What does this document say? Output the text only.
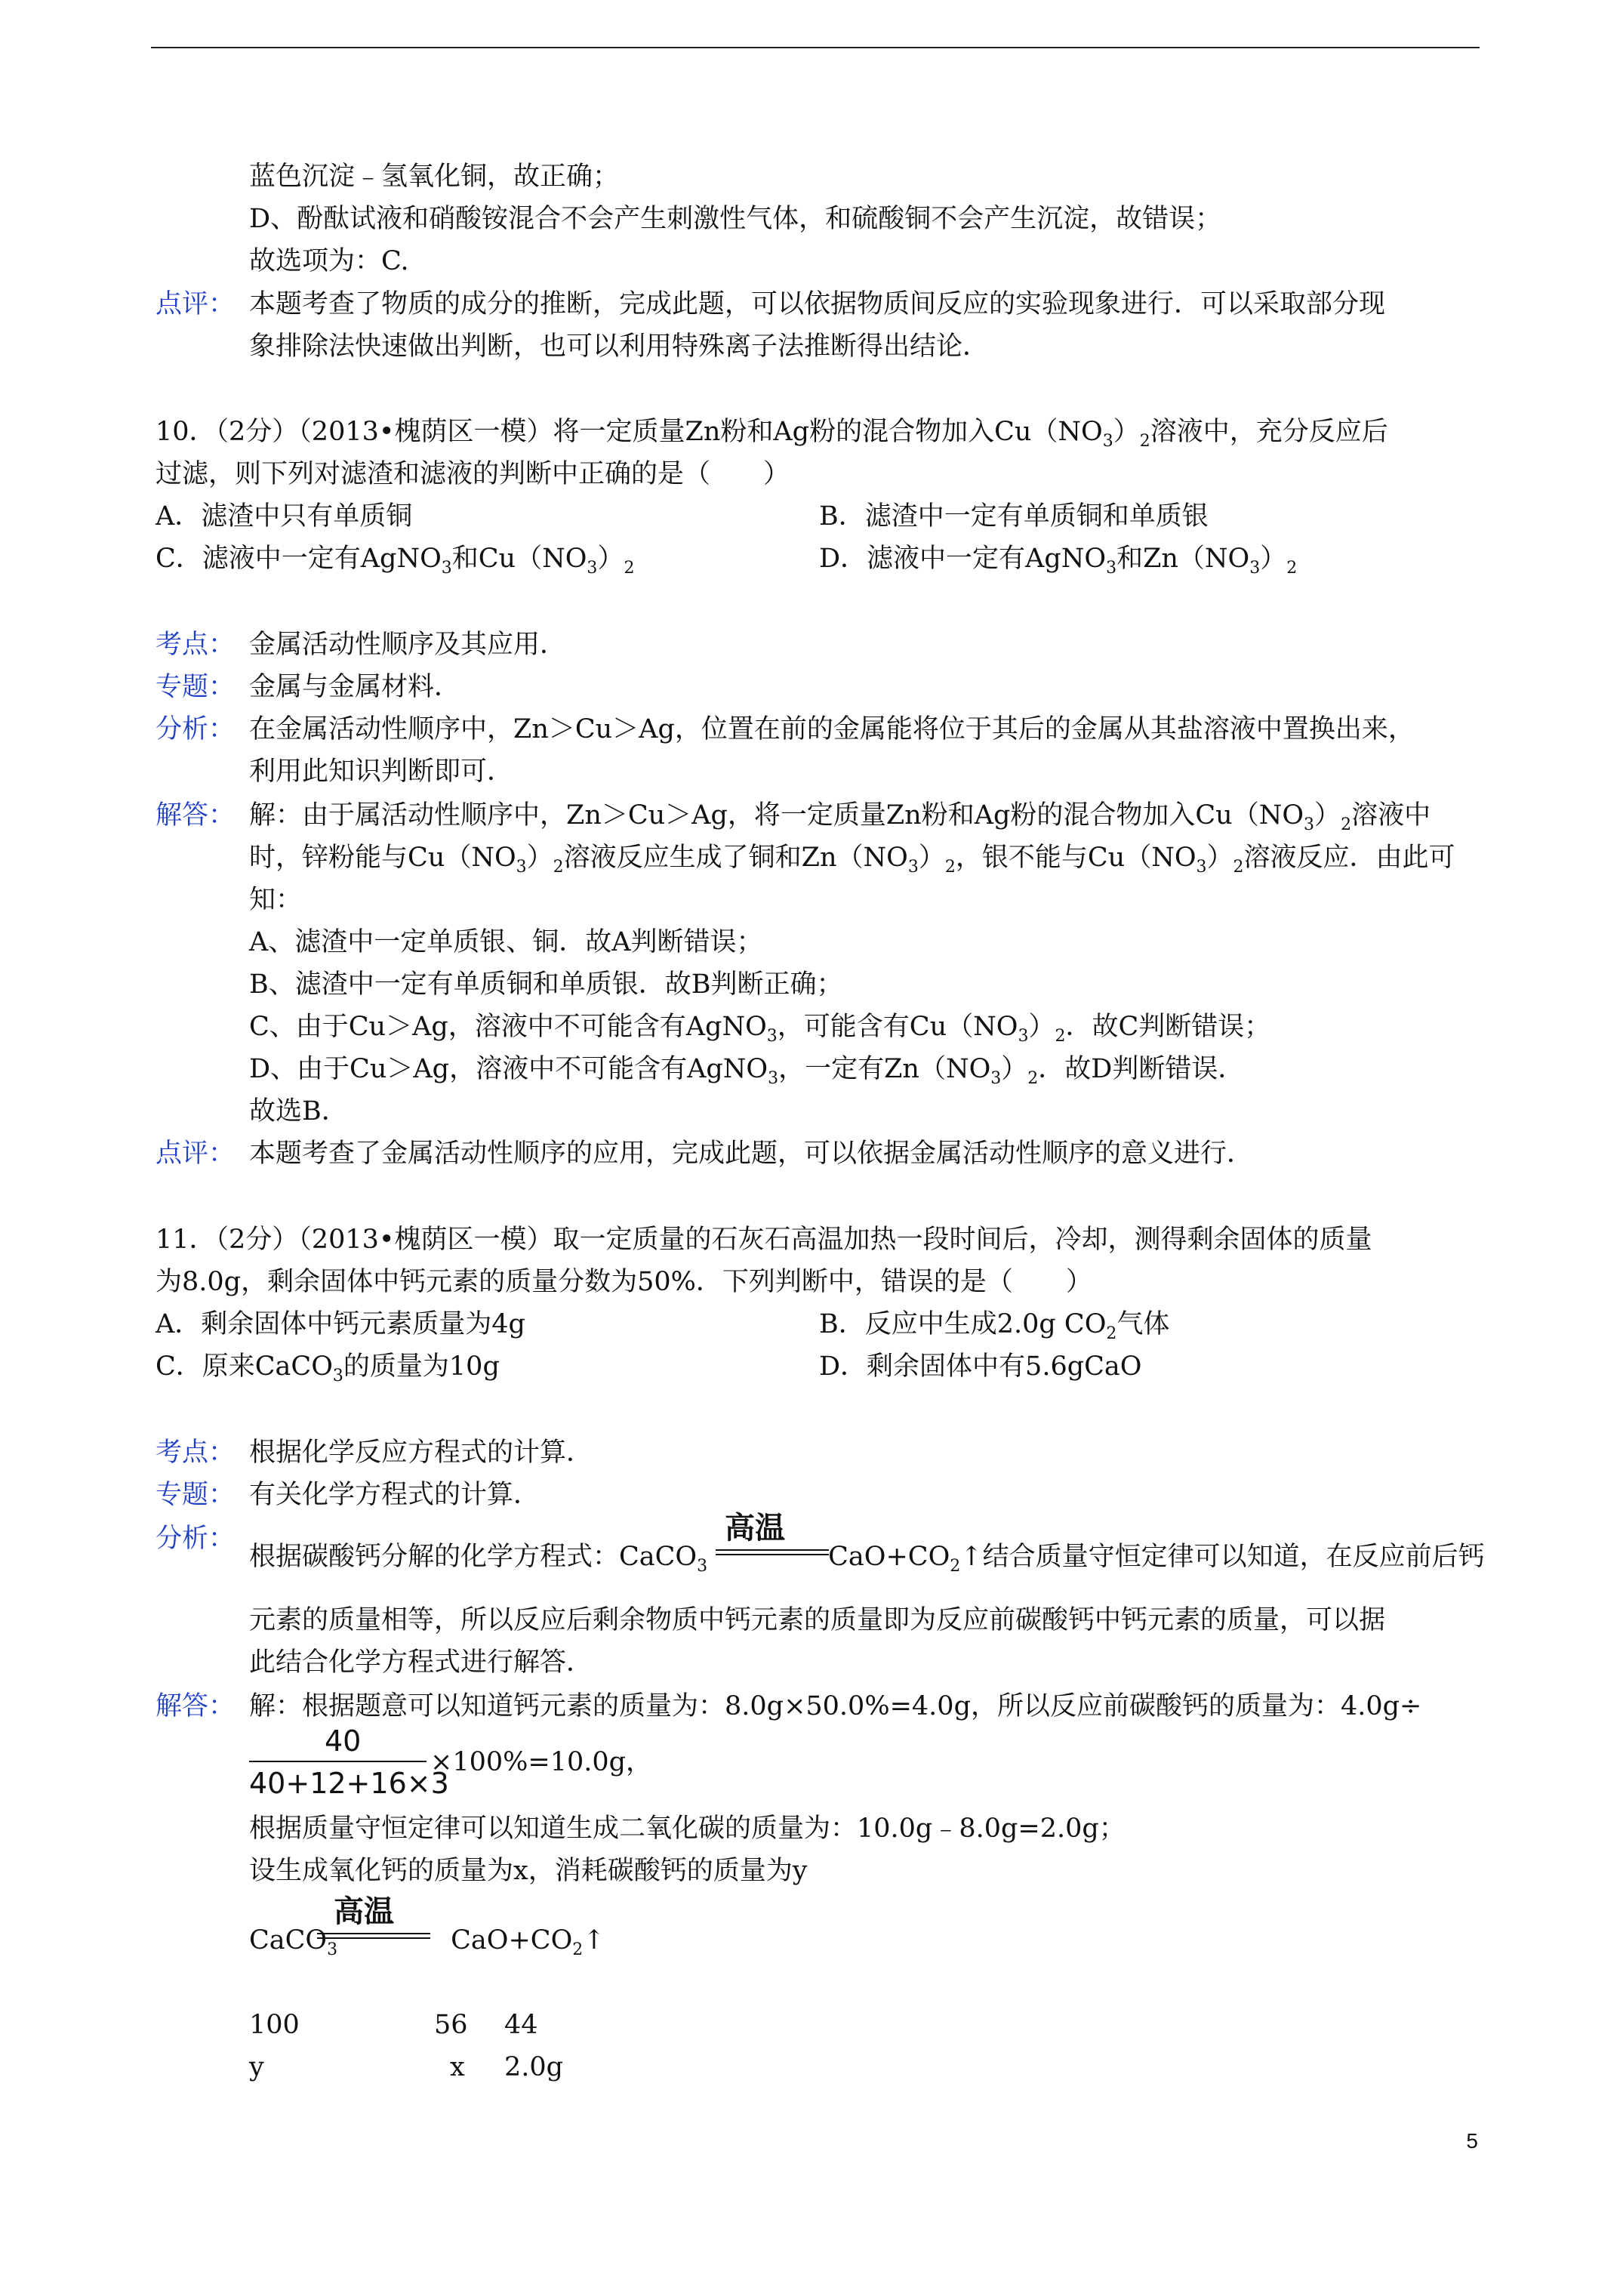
蓝色沉淀﹣氢氧化铜，故正确；
D、酚酞试液和硝酸铵混合不会产生刺激性气体，和硫酸铜不会产生沉淀，故错误；
故选项为：C.
点评： 本题考查了物质的成分的推断，完成此题，可以依据物质间反应的实验现象进行．可以采取部分现
象排除法快速做出判断，也可以利用特殊离子法推断得出结论．
10．（2分）（2013•槐荫区一模）将一定质量Zn粉和Ag粉的混合物加入$Cu(NO_3)_2$溶液中，充分反应后
过滤，则下列对滤渣和滤液的判断中正确的是（　　）
A．滤渣中只有单质铜	B．滤渣中一定有单质铜和单质银
C．滤液中一定有AgNO$_3$和$Cu(NO_3)_2$	D．滤液中一定有AgNO$_3$和$Zn(NO_3)_2$
考点： 金属活动性顺序及其应用．
专题： 金属与金属材料．
分析： 在金属活动性顺序中，Zn＞Cu＞Ag，位置在前的金属能将位于其后的金属从其盐溶液中置换出来，
利用此知识判断即可．
解答： 解：由于属活动性顺序中，Zn＞Cu＞Ag，将一定质量Zn粉和Ag粉的混合物加入$Cu(NO_3)_2$溶液中
时，锌粉能与$Cu(NO_3)_2$溶液反应生成了铜和$Zn(NO_3)_2$，银不能与$Cu(NO_3)_2$溶液反应．由此可
知：
A、滤渣中一定单质银、铜．故A判断错误；
B、滤渣中一定有单质铜和单质银．故B判断正确；
C、由于Cu＞Ag，溶液中不可能含有AgNO$_3$，可能含有$Cu(NO_3)_2$．故C判断错误；
D、由于Cu＞Ag，溶液中不可能含有AgNO$_3$，一定有$Zn(NO_3)_2$．故D判断错误．
故选B．
点评： 本题考查了金属活动性顺序的应用，完成此题，可以依据金属活动性顺序的意义进行．
11．（2分）（2013•槐荫区一模）取一定质量的石灰石高温加热一段时间后，冷却，测得剩余固体的质量
为8.0g，剩余固体中钙元素的质量分数为50%．下列判断中，错误的是（　　）
A．剩余固体中钙元素质量为4g	B．反应中生成2.0g $CO_2$气体
C．原来CaCO$_3$的质量为10g	D．剩余固体中有5.6gCaO
考点： 根据化学反应方程式的计算．
专题： 有关化学方程式的计算．
分析：
根据碳酸钙分解的化学方程式：CaCO$_3$	$CaO+CO_2↑$结合质量守恒定律可以知道，在反应前后钙
高温
元素的质量相等，所以反应后剩余物质中钙元素的质量即为反应前碳酸钙中钙元素的质量，可以据
此结合化学方程式进行解答．
解答： 解：根据题意可以知道钙元素的质量为：8.0g×50.0%=4.0g，所以反应前碳酸钙的质量为：4.0g÷
40
40+12+16×3
×100%=10.0g，
根据质量守恒定律可以知道生成二氧化碳的质量为：10.0g﹣8.0g=2.0g；
设生成氧化钙的质量为x，消耗碳酸钙的质量为y
高温
CaCO$_3$	$CaO+CO_2↑$
100	56 44
y	x 2.0g
5
